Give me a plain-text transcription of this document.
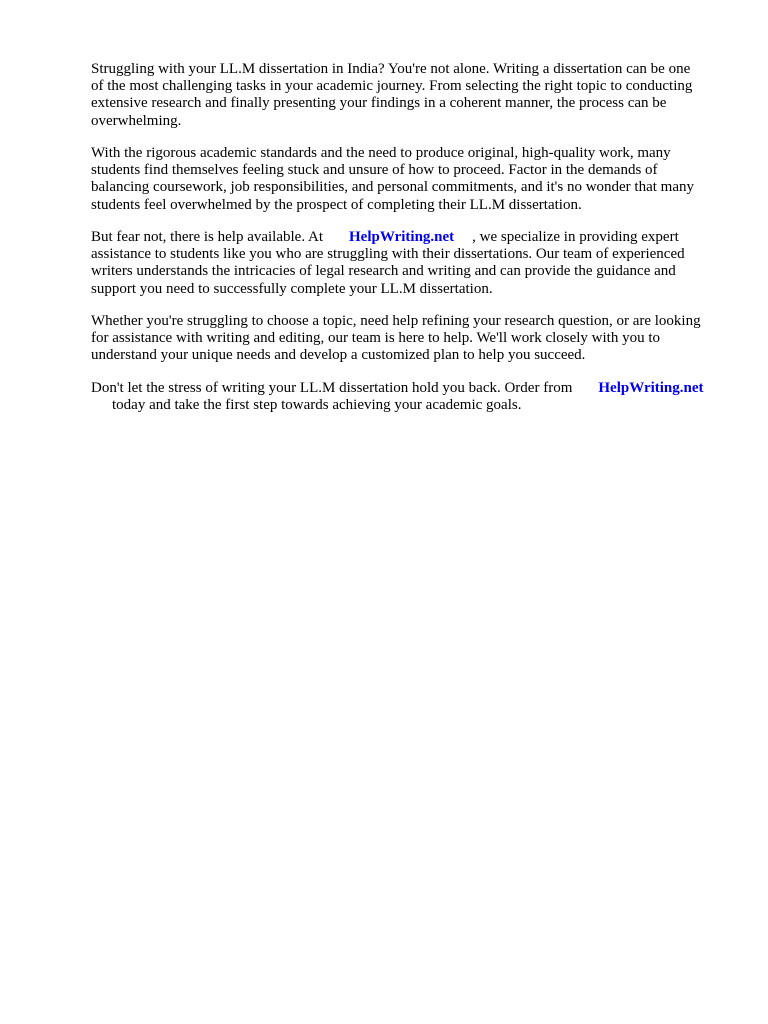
Struggling with your LL.M dissertation in India? You're not alone. Writing a dissertation can be one
of the most challenging tasks in your academic journey. From selecting the right topic to conducting
extensive research and finally presenting your findings in a coherent manner, the process can be
overwhelming.
With the rigorous academic standards and the need to produce original, high-quality work, many
students find themselves feeling stuck and unsure of how to proceed. Factor in the demands of
balancing coursework, job responsibilities, and personal commitments, and it's no wonder that many
students feel overwhelmed by the prospect of completing their LL.M dissertation.
But fear not, there is help available. At HelpWriting.net , we specialize in providing expert
assistance to students like you who are struggling with their dissertations. Our team of experienced
writers understands the intricacies of legal research and writing and can provide the guidance and
support you need to successfully complete your LL.M dissertation.
Whether you're struggling to choose a topic, need help refining your research question, or are looking
for assistance with writing and editing, our team is here to help. We'll work closely with you to
understand your unique needs and develop a customized plan to help you succeed.
Don't let the stress of writing your LL.M dissertation hold you back. Order from HelpWriting.net
today and take the first step towards achieving your academic goals.
